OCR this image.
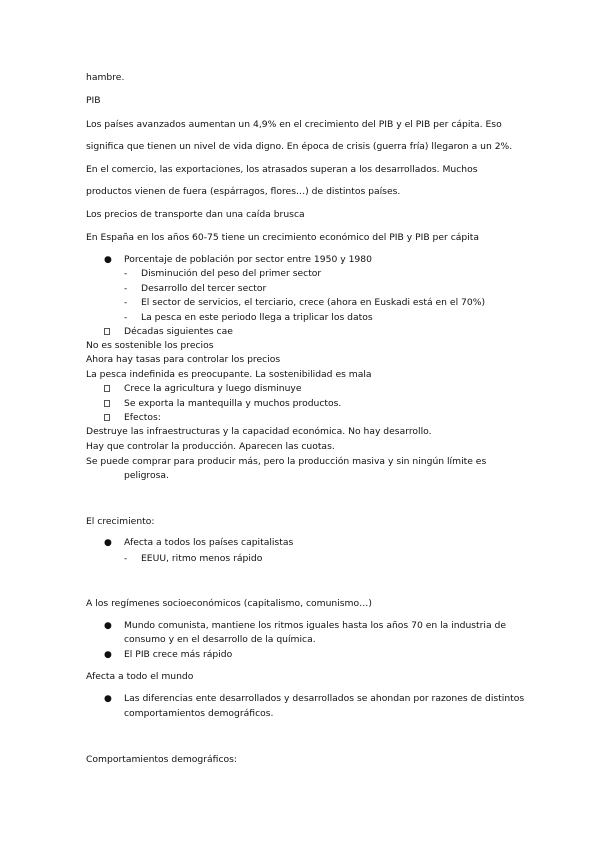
hambre.
PIB
Los países avanzados aumentan un 4,9% en el crecimiento del PIB y el PIB per cápita. Eso
significa que tienen un nivel de vida digno. En época de crisis (guerra fría) llegaron a un 2%.
En el comercio, las exportaciones, los atrasados superan a los desarrollados. Muchos
productos vienen de fuera (espárragos, flores…) de distintos países.
Los precios de transporte dan una caída brusca
En España en los años 60-75 tiene un crecimiento económico del PIB y PIB per cápita
● Porcentaje de población por sector entre 1950 y 1980
- Disminución del peso del primer sector
- Desarrollo del tercer sector
- El sector de servicios, el terciario, crece (ahora en Euskadi está en el 70%)
- La pesca en este periodo llega a triplicar los datos
Décadas siguientes cae
No es sostenible los precios
Ahora hay tasas para controlar los precios
La pesca indefinida es preocupante. La sostenibilidad es mala
Crece la agricultura y luego disminuye
Se exporta la mantequilla y muchos productos.
Efectos:
Destruye las infraestructuras y la capacidad económica. No hay desarrollo.
Hay que controlar la producción. Aparecen las cuotas.
Se puede comprar para producir más, pero la producción masiva y sin ningún límite es
peligrosa.
El crecimiento:
● Afecta a todos los países capitalistas
- EEUU, ritmo menos rápido
A los regímenes socioeconómicos (capitalismo, comunismo…)
● Mundo comunista, mantiene los ritmos iguales hasta los años 70 en la industria de
consumo y en el desarrollo de la química.
● El PIB crece más rápido
Afecta a todo el mundo
● Las diferencias ente desarrollados y desarrollados se ahondan por razones de distintos
comportamientos demográficos.
Comportamientos demográficos:
